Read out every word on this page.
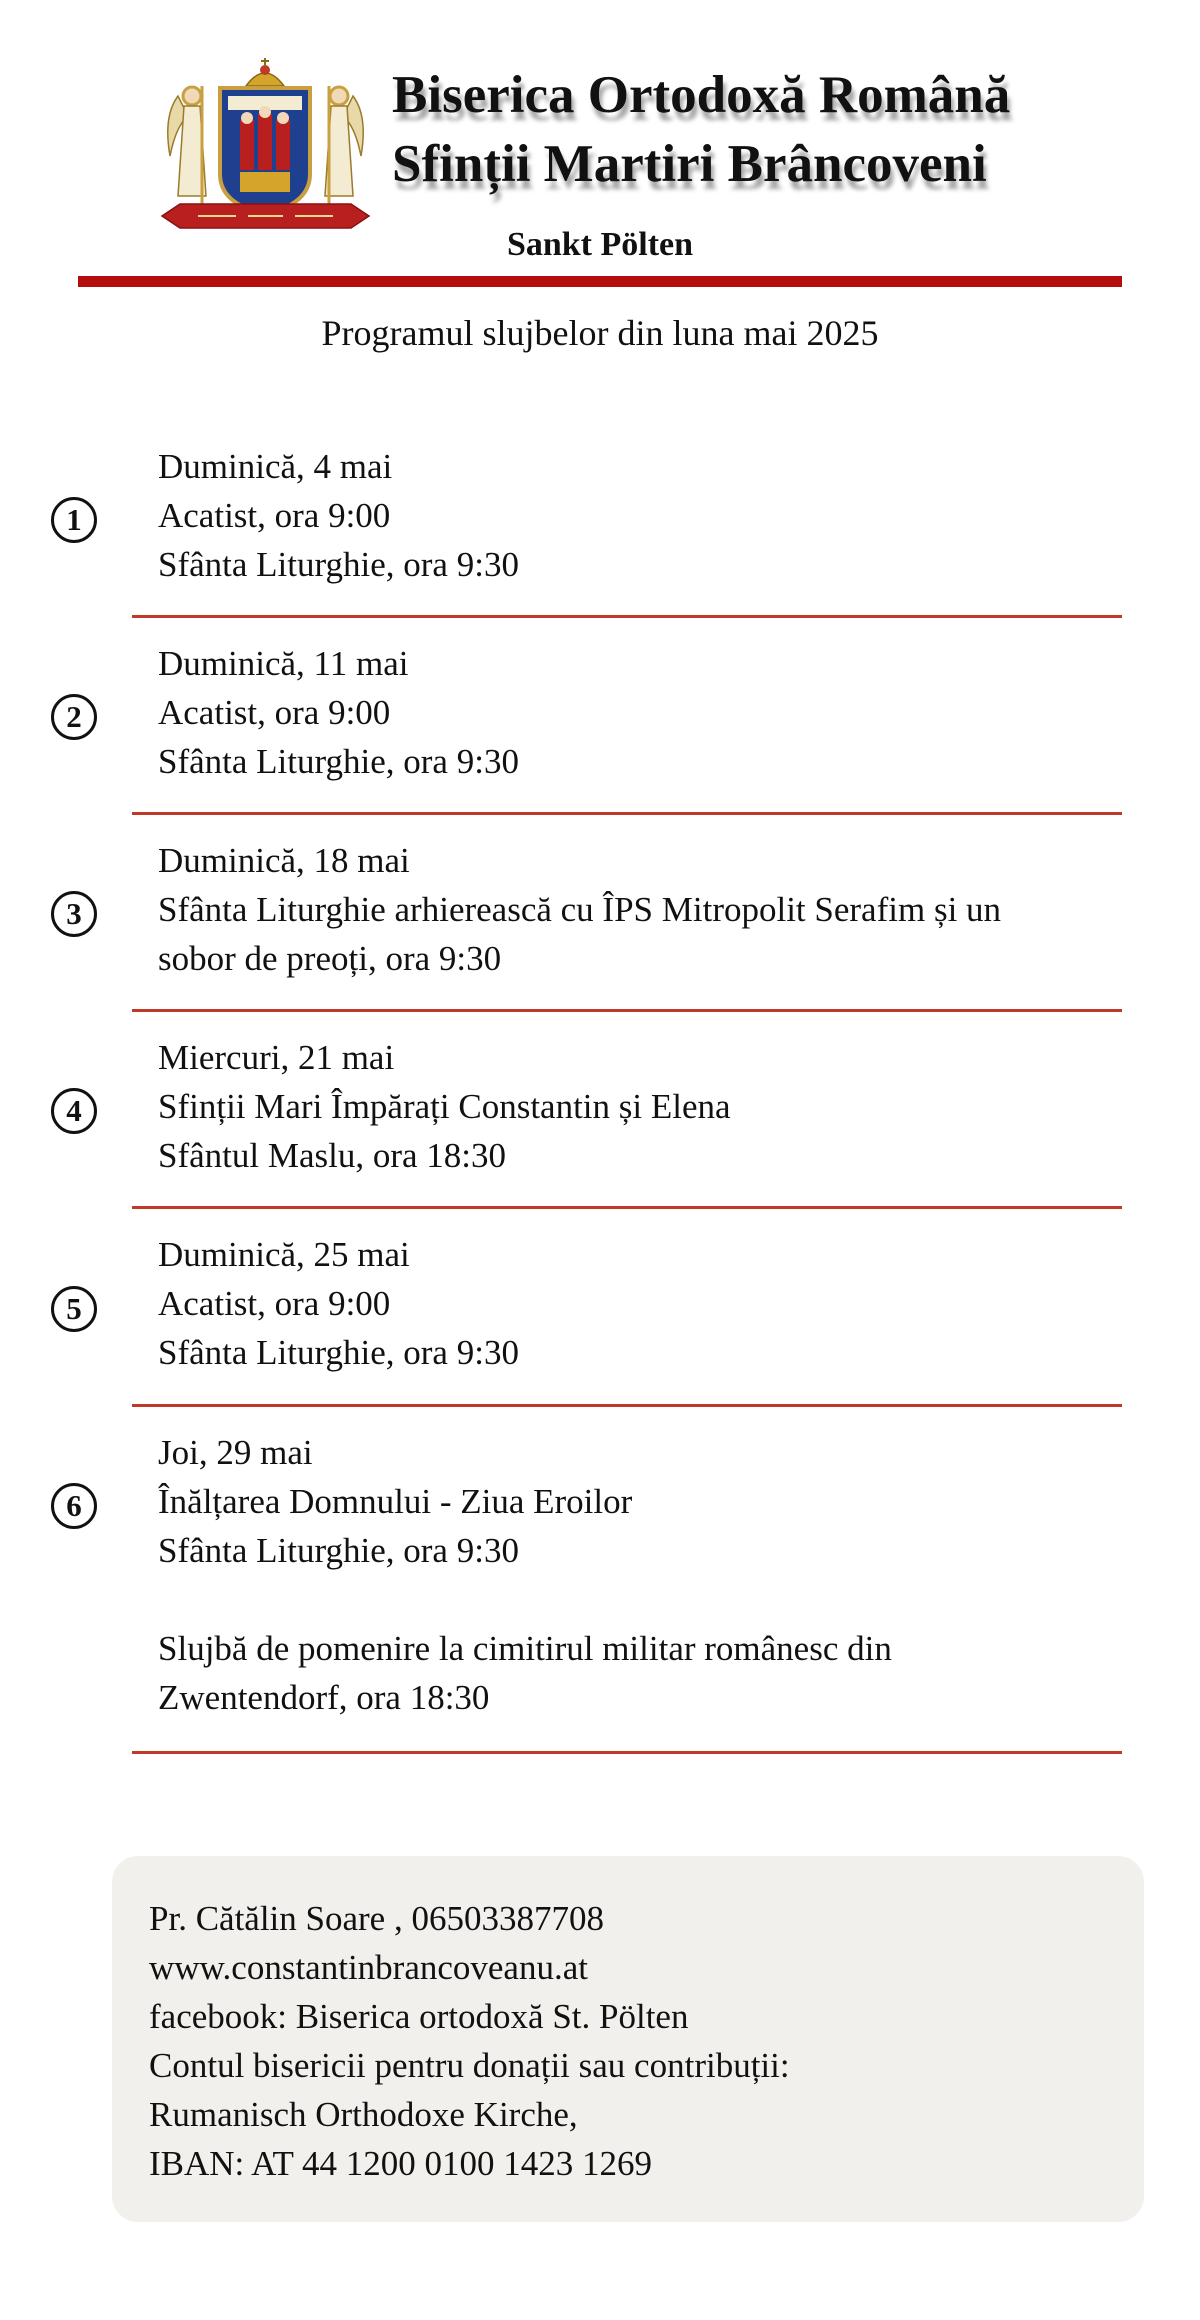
Biserica Ortodoxă Română
Sfinții Martiri Brâncoveni
Sankt Pölten
Programul slujbelor din luna mai 2025
1
Duminică, 4 mai
Acatist, ora 9:00
Sfânta Liturghie, ora 9:30
2
Duminică, 11 mai
Acatist, ora 9:00
Sfânta Liturghie, ora 9:30
3
Duminică, 18 mai
Sfânta Liturghie arhierească cu ÎPS Mitropolit Serafim și un
sobor de preoți, ora 9:30
4
Miercuri, 21 mai
Sfinții Mari Împărați Constantin și Elena
Sfântul Maslu, ora 18:30
5
Duminică, 25 mai
Acatist, ora 9:00
Sfânta Liturghie, ora 9:30
6
Joi, 29 mai
Înălțarea Domnului - Ziua Eroilor
Sfânta Liturghie, ora 9:30
Slujbă de pomenire la cimitirul militar românesc din
Zwentendorf, ora 18:30
Pr. Cătălin Soare , 06503387708
www.constantinbrancoveanu.at
facebook: Biserica ortodoxă St. Pölten
Contul bisericii pentru donații sau contribuții:
Rumanisch Orthodoxe Kirche,
IBAN: AT 44 1200 0100 1423 1269
